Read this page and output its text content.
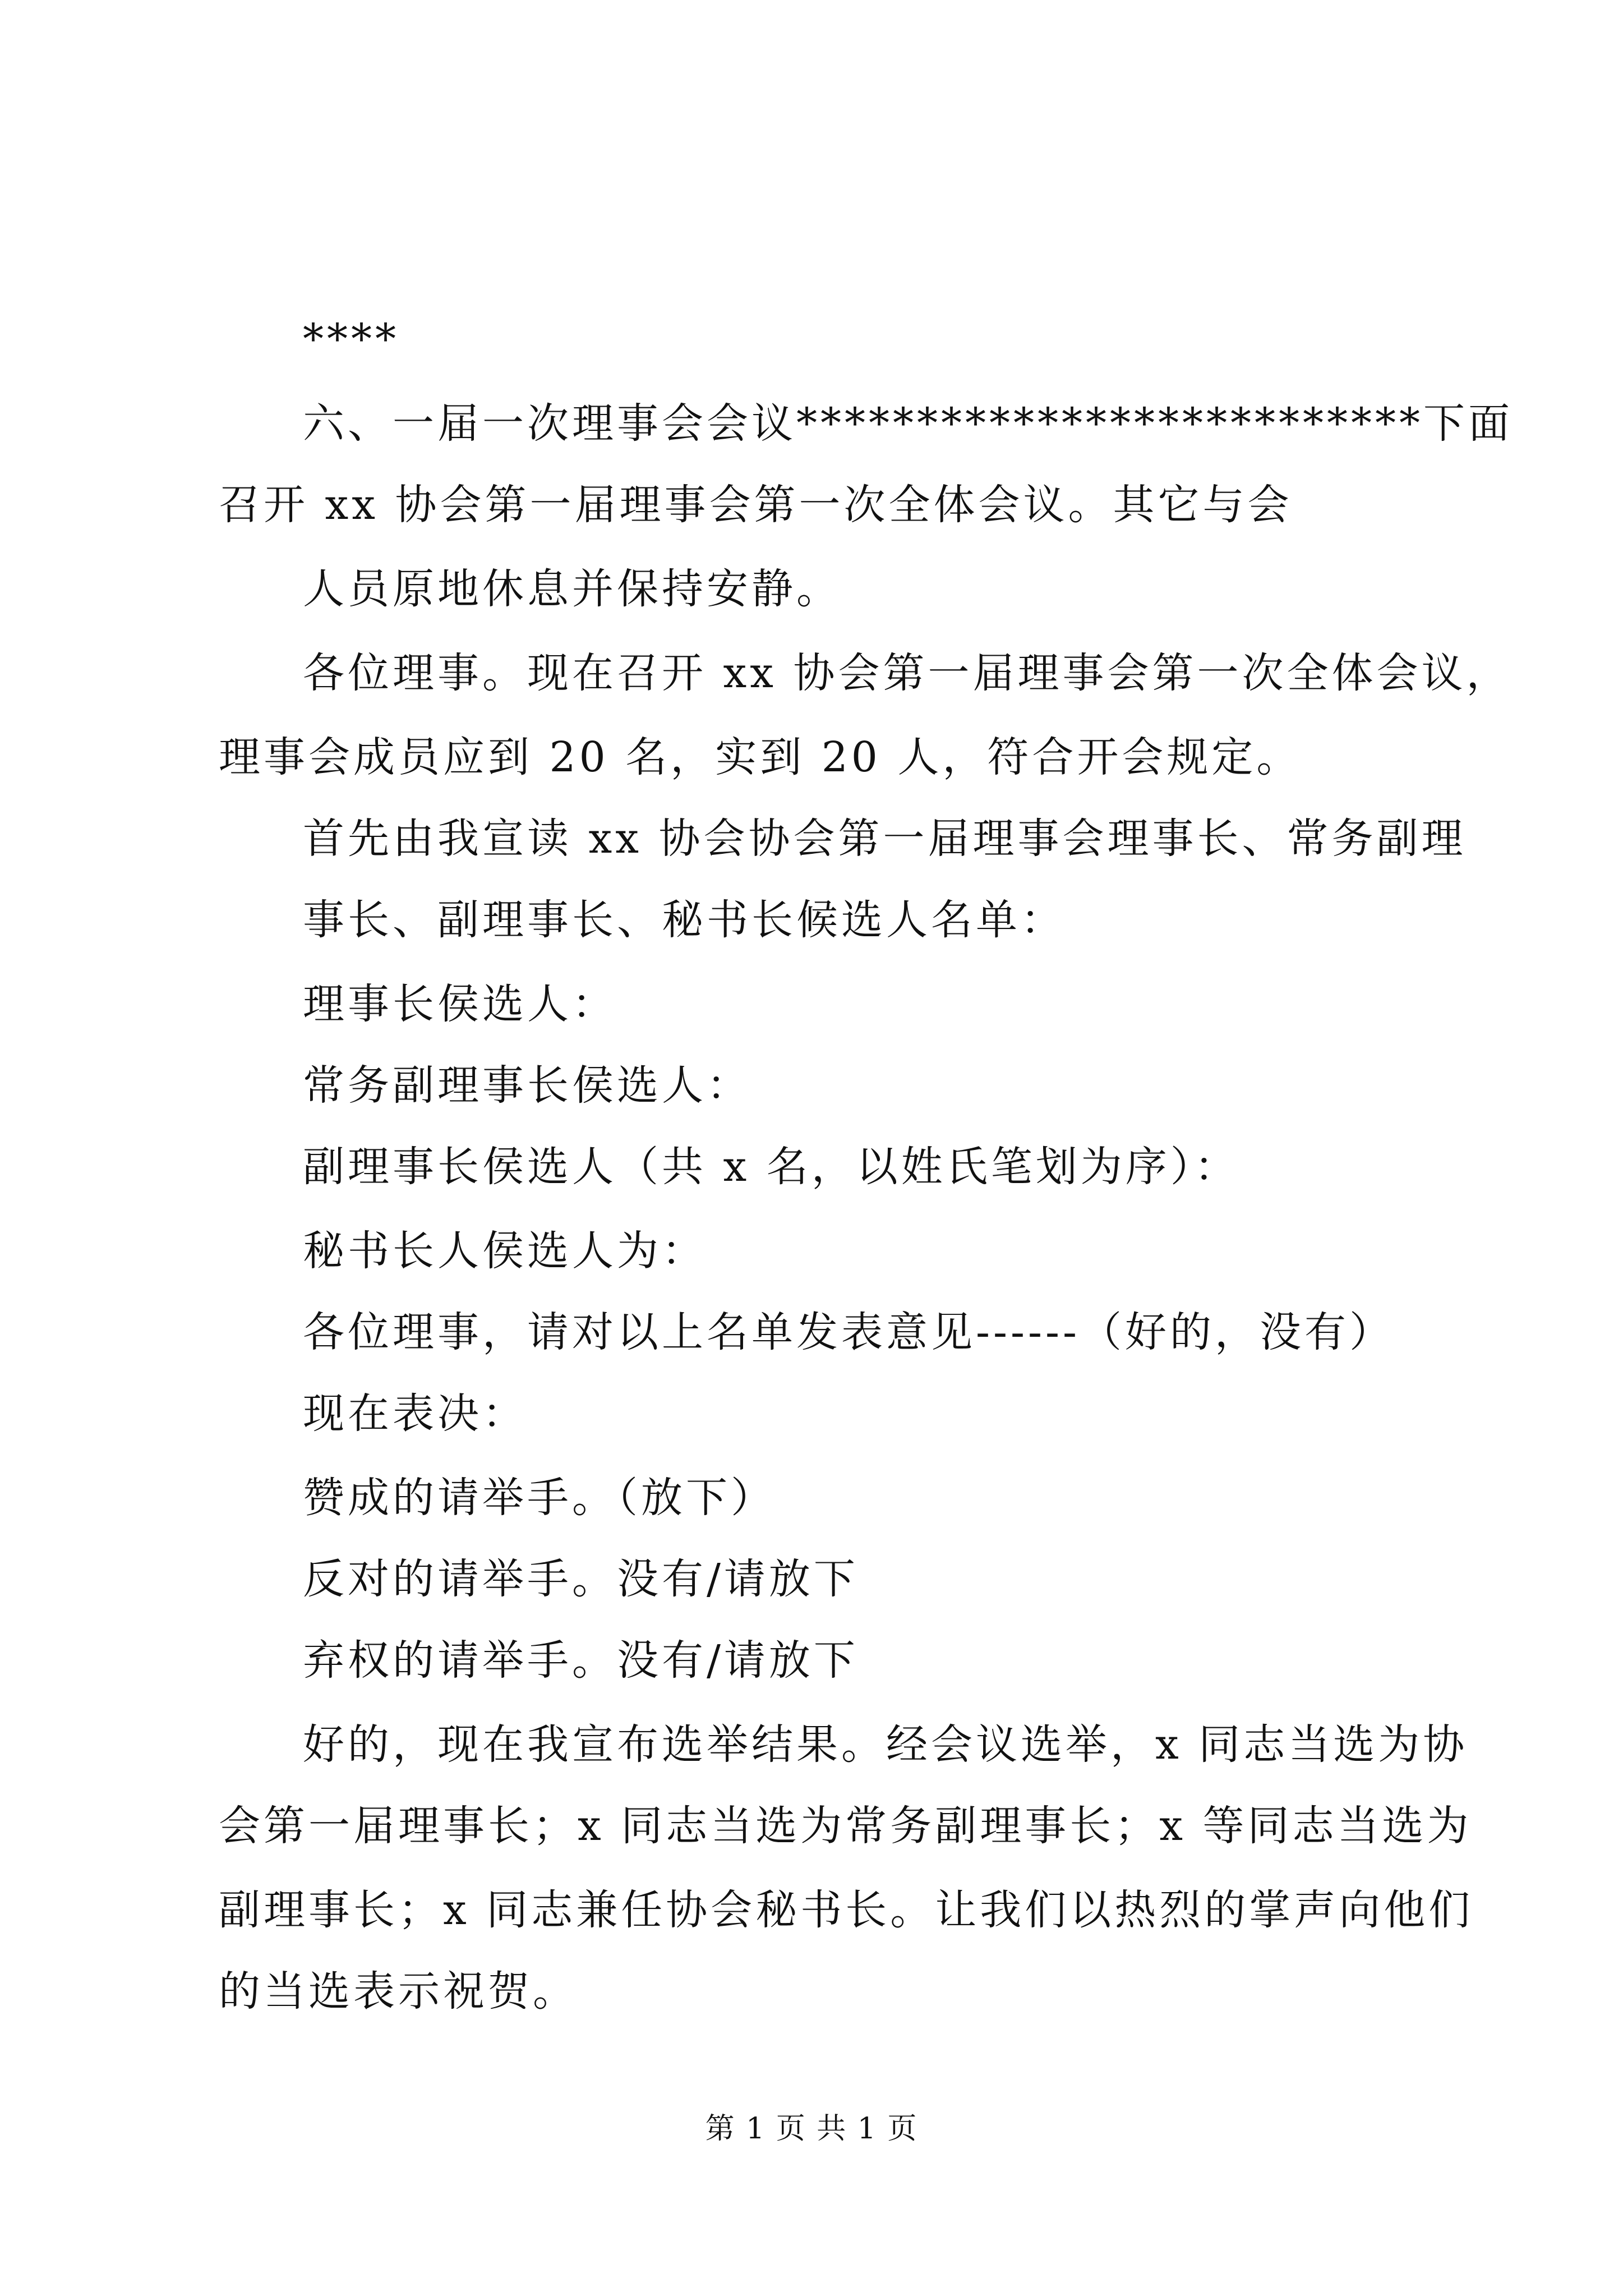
****
六、一届一次理事会会议**************************下面
召开 xx 协会第一届理事会第一次全体会议。其它与会
人员原地休息并保持安静。
各位理事。现在召开 xx 协会第一届理事会第一次全体会议，
理事会成员应到 20 名，实到 20 人，符合开会规定。
首先由我宣读 xx 协会协会第一届理事会理事长、常务副理
事长、副理事长、秘书长候选人名单：
理事长侯选人：
常务副理事长侯选人：
副理事长侯选人（共 x 名，以姓氏笔划为序）：
秘书长人侯选人为：
各位理事，请对以上名单发表意见------（好的，没有）
现在表决：
赞成的请举手。（放下）
反对的请举手。没有/请放下
弃权的请举手。没有/请放下
好的，现在我宣布选举结果。经会议选举，x 同志当选为协
会第一届理事长；x 同志当选为常务副理事长；x 等同志当选为
副理事长；x 同志兼任协会秘书长。让我们以热烈的掌声向他们
的当选表示祝贺。
第 1 页 共 1 页
